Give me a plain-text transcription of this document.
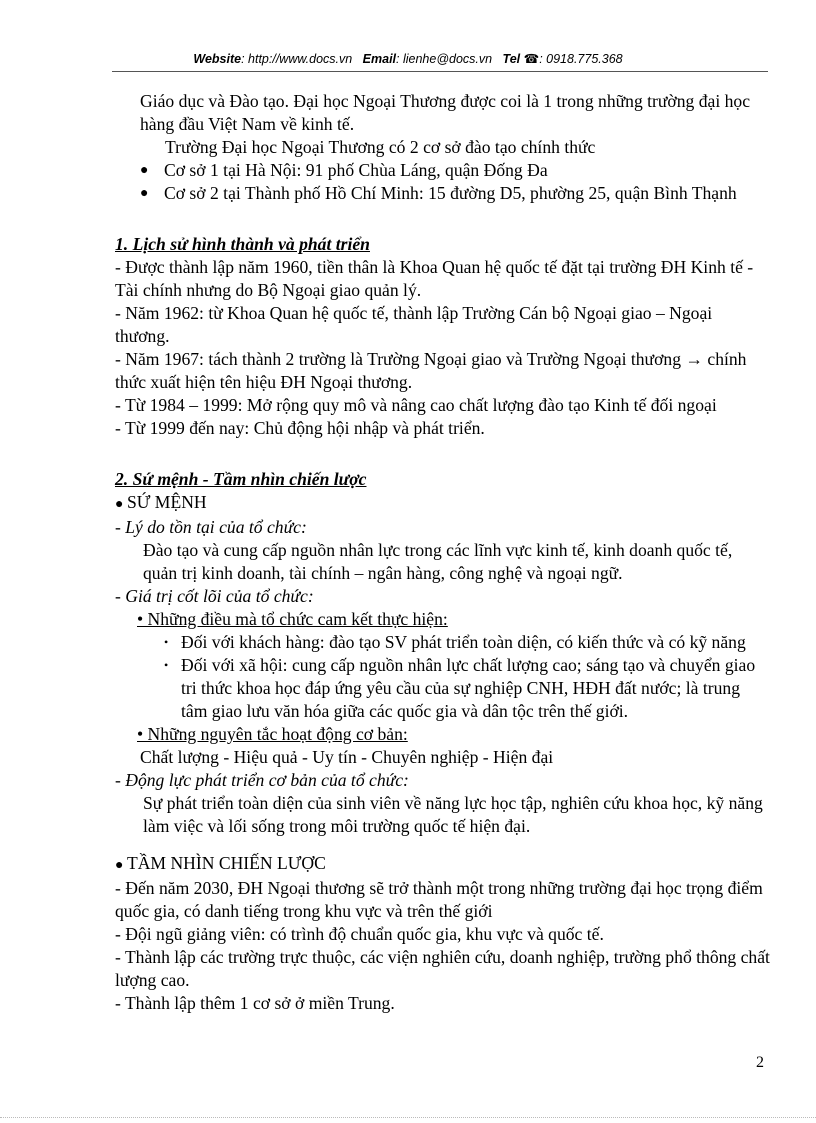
Website: http://www.docs.vn Email: lienhe@docs.vn Tel ☎: 0918.775.368

Giáo dục và Đào tạo. Đại học Ngoại Thương được coi là 1 trong những trường đại học hàng đầu Việt Nam về kinh tế.

Trường Đại học Ngoại Thương có 2 cơ sở đào tạo chính thức

● Cơ sở 1 tại Hà Nội: 91 phố Chùa Láng, quận Đống Đa
● Cơ sở 2 tại Thành phố Hồ Chí Minh: 15 đường D5, phường 25, quận Bình Thạnh

1. Lịch sử hình thành và phát triển

- Được thành lập năm 1960, tiền thân là Khoa Quan hệ quốc tế đặt tại trường ĐH Kinh tế - Tài chính nhưng do Bộ Ngoại giao quản lý.

- Năm 1962: từ Khoa Quan hệ quốc tế, thành lập Trường Cán bộ Ngoại giao – Ngoại thương.

- Năm 1967: tách thành 2 trường là Trường Ngoại giao và Trường Ngoại thương → chính thức xuất hiện tên hiệu ĐH Ngoại thương.

- Từ 1984 – 1999: Mở rộng quy mô và nâng cao chất lượng đào tạo Kinh tế đối ngoại

- Từ 1999 đến nay: Chủ động hội nhập và phát triển.

2. Sứ mệnh - Tầm nhìn chiến lược

● SỨ MỆNH

- Lý do tồn tại của tổ chức:

Đào tạo và cung cấp nguồn nhân lực trong các lĩnh vực kinh tế, kinh doanh quốc tế, quản trị kinh doanh, tài chính – ngân hàng, công nghệ và ngoại ngữ.

- Giá trị cốt lõi của tổ chức:

• Những điều mà tổ chức cam kết thực hiện:

• Đối với khách hàng: đào tạo SV phát triển toàn diện, có kiến thức và có kỹ năng
• Đối với xã hội: cung cấp nguồn nhân lực chất lượng cao; sáng tạo và chuyển giao tri thức khoa học đáp ứng yêu cầu của sự nghiệp CNH, HĐH đất nước; là trung tâm giao lưu văn hóa giữa các quốc gia và dân tộc trên thế giới.

• Những nguyên tắc hoạt động cơ bản:

Chất lượng - Hiệu quả - Uy tín - Chuyên nghiệp - Hiện đại

- Động lực phát triển cơ bản của tổ chức:

Sự phát triển toàn diện của sinh viên về năng lực học tập, nghiên cứu khoa học, kỹ năng làm việc và lối sống trong môi trường quốc tế hiện đại.

● TẦM NHÌN CHIẾN LƯỢC

- Đến năm 2030, ĐH Ngoại thương sẽ trở thành một trong những trường đại học trọng điểm quốc gia, có danh tiếng trong khu vực và trên thế giới

- Đội ngũ giảng viên: có trình độ chuẩn quốc gia, khu vực và quốc tế.

- Thành lập các trường trực thuộc, các viện nghiên cứu, doanh nghiệp, trường phổ thông chất lượng cao.

- Thành lập thêm 1 cơ sở ở miền Trung.

2
